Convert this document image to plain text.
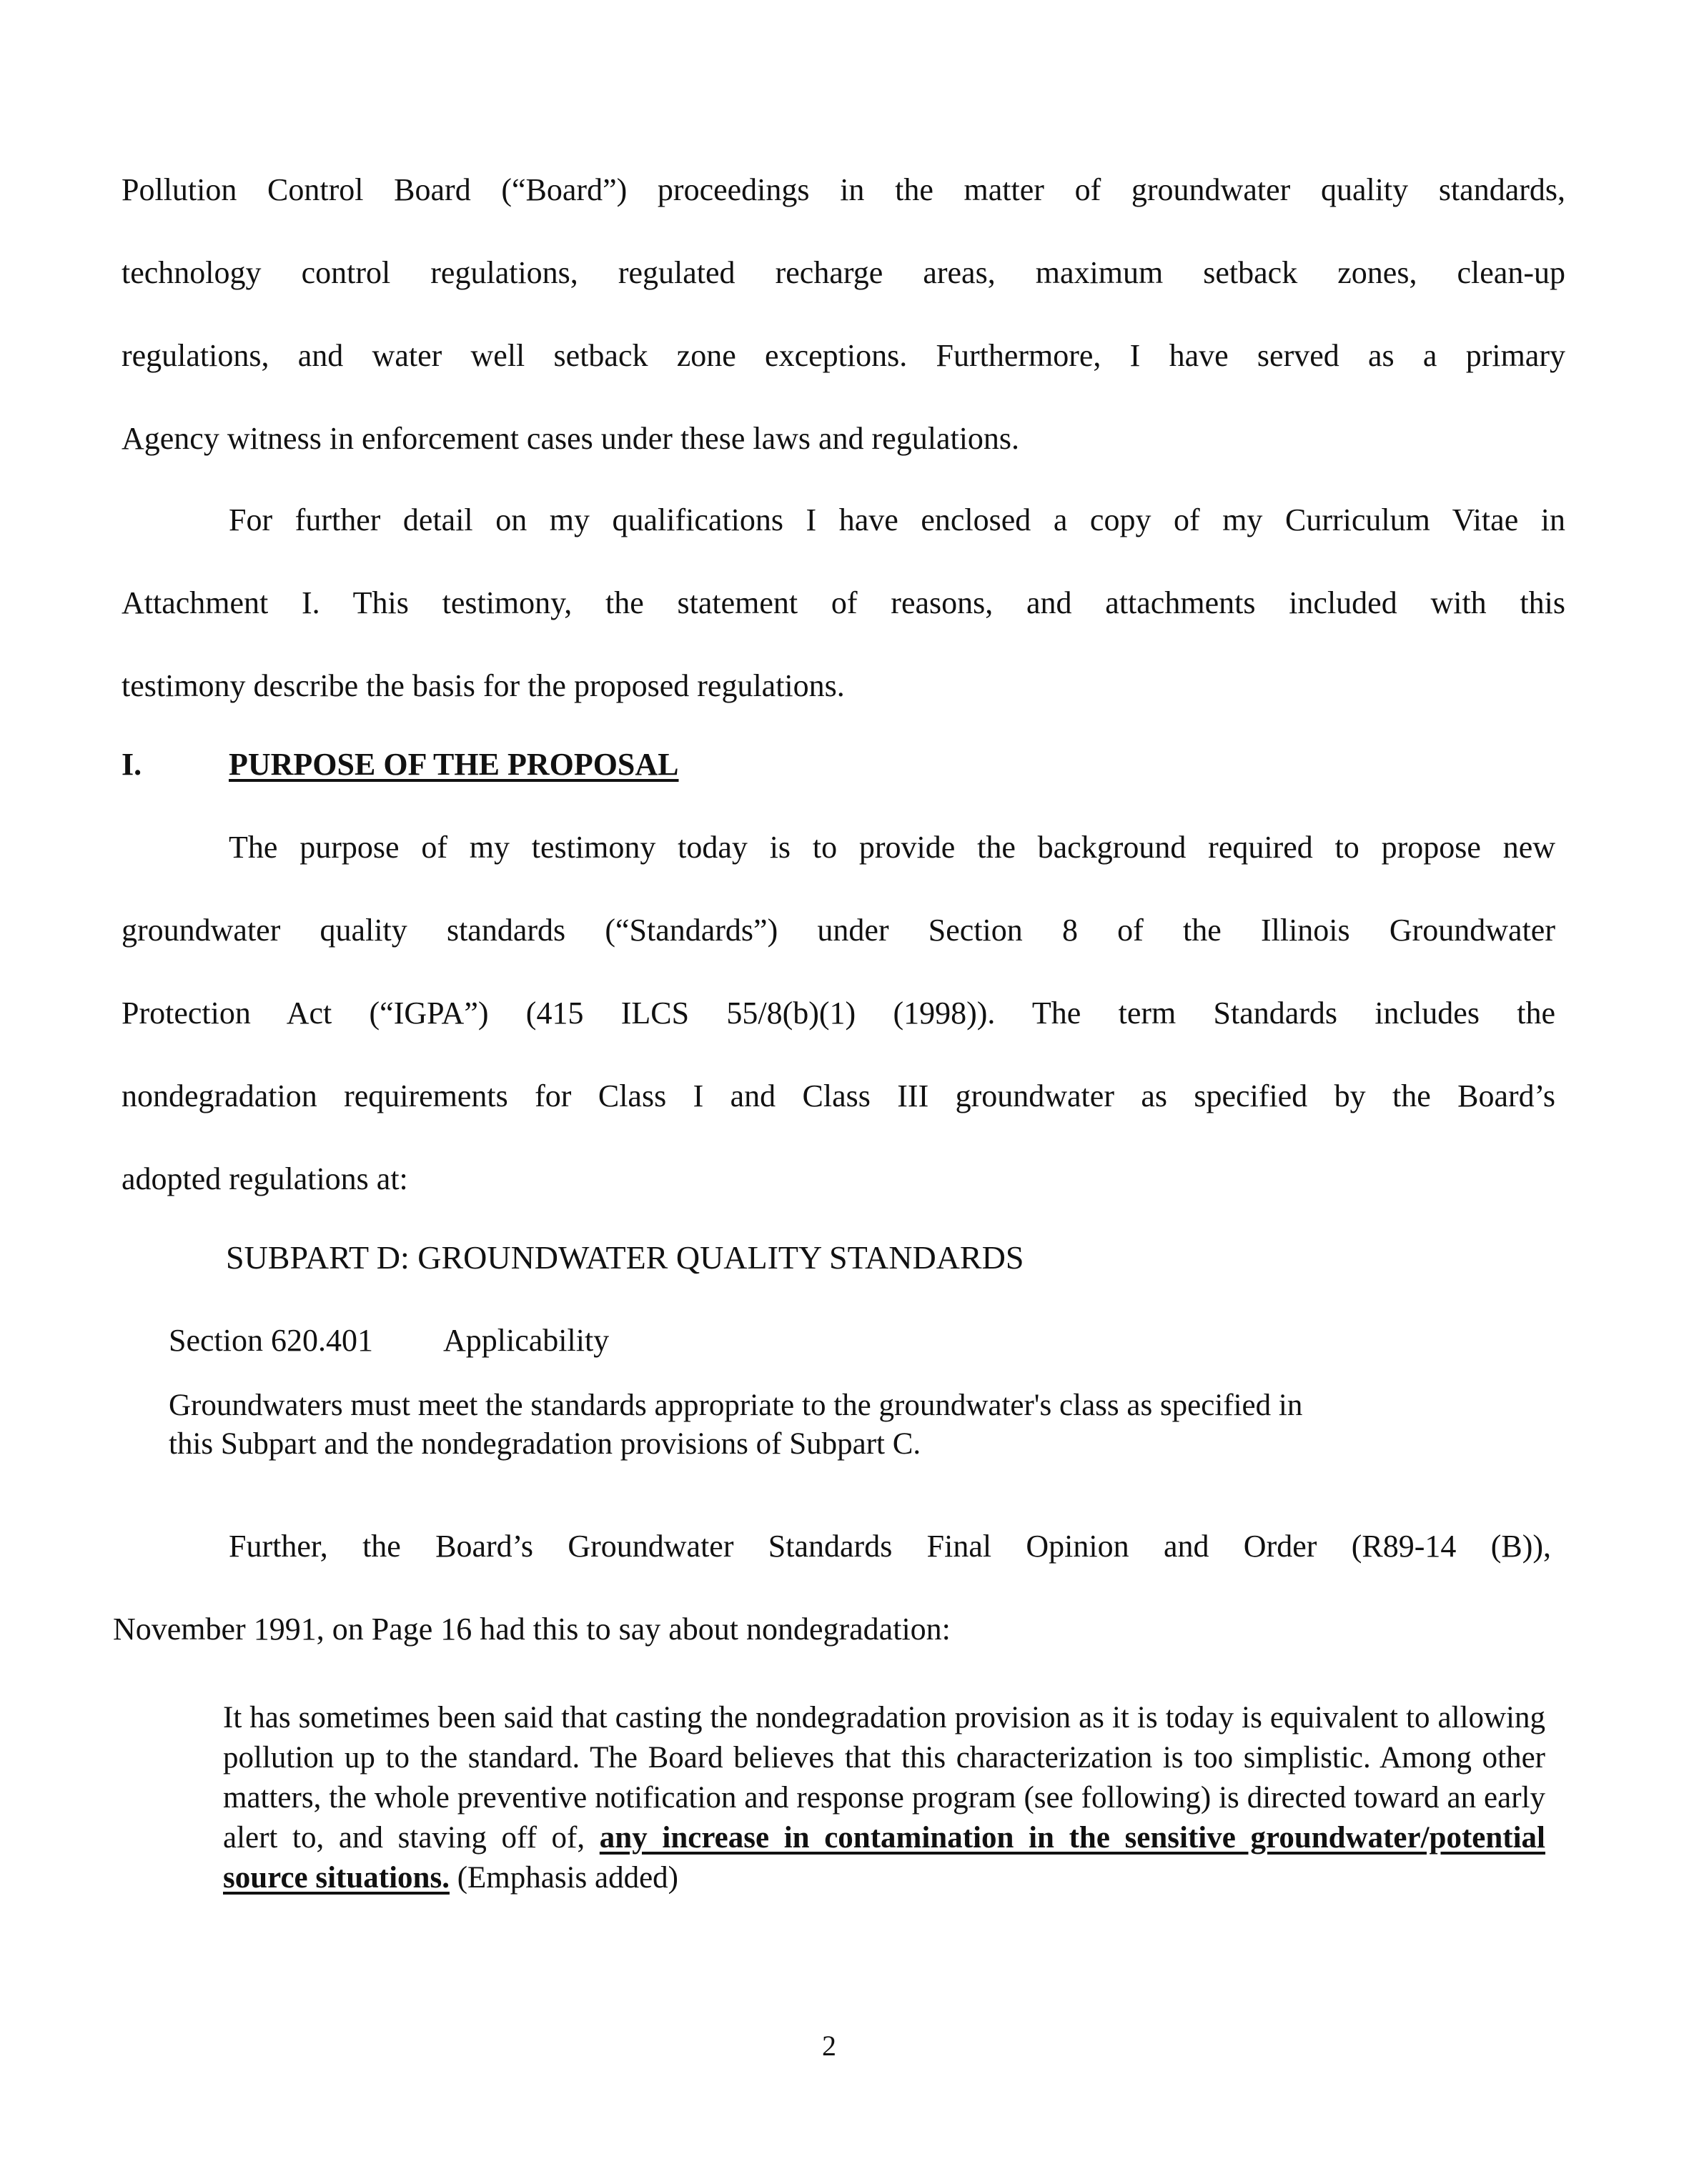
Pollution Control Board (“Board”) proceedings in the matter of groundwater quality standards,
technology control regulations, regulated recharge areas, maximum setback zones, clean-up
regulations, and water well setback zone exceptions. Furthermore, I have served as a primary
Agency witness in enforcement cases under these laws and regulations.
For further detail on my qualifications I have enclosed a copy of my Curriculum Vitae in
Attachment I. This testimony, the statement of reasons, and attachments included with this
testimony describe the basis for the proposed regulations.
I.	PURPOSE OF THE PROPOSAL
The purpose of my testimony today is to provide the background required to propose new
groundwater quality standards (“Standards”) under Section 8 of the Illinois Groundwater
Protection Act (“IGPA”) (415 ILCS 55/8(b)(1) (1998)). The term Standards includes the
nondegradation requirements for Class I and Class III groundwater as specified by the Board’s
adopted regulations at:
SUBPART D: GROUNDWATER QUALITY STANDARDS
Section 620.401 Applicability
Groundwaters must meet the standards appropriate to the groundwater's class as specified in
this Subpart and the nondegradation provisions of Subpart C.
Further, the Board’s Groundwater Standards Final Opinion and Order (R89-14 (B)),
November 1991, on Page 16 had this to say about nondegradation:
It has sometimes been said that casting the nondegradation provision as it is today is equivalent to allowing pollution up to the standard. The Board believes that this characterization is too simplistic. Among other matters, the whole preventive notification and response program (see following) is directed toward an early alert to, and staving off of, any increase in contamination in the sensitive groundwater/potential source situations. (Emphasis added)
2
